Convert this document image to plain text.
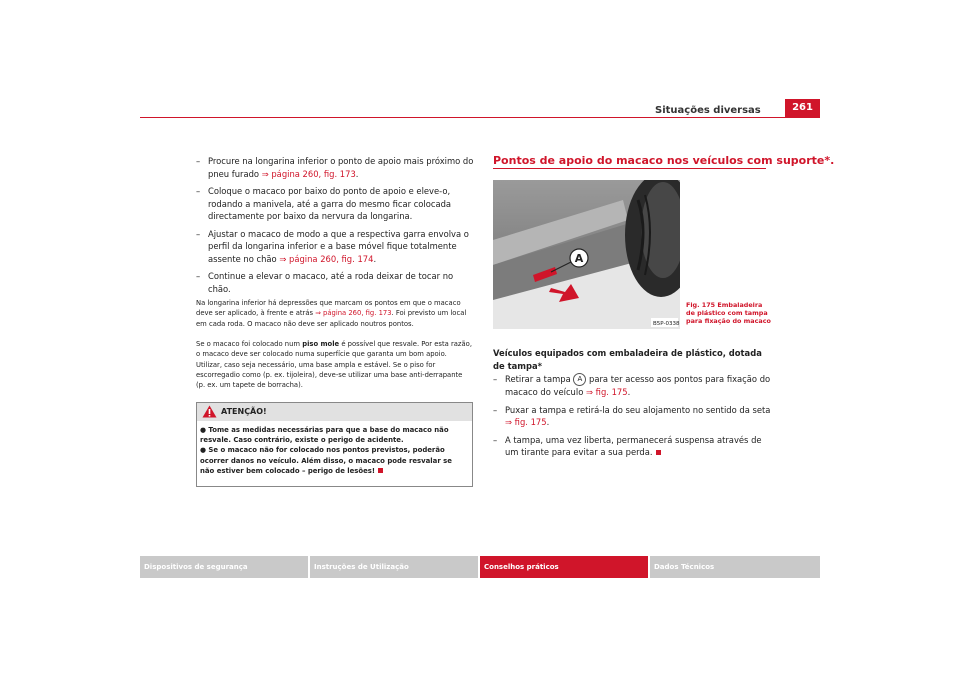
Situações diversas	261
– Procure na longarina inferior o ponto de apoio mais próximo do pneu furado ⇒ página 260, fig. 173.
– Coloque o macaco por baixo do ponto de apoio e eleve-o, rodando a manivela, até a garra do mesmo ficar colocada directamente por baixo da nervura da longarina.
– Ajustar o macaco de modo a que a respectiva garra envolva o perfil da longarina inferior e a base móvel fique totalmente assente no chão ⇒ página 260, fig. 174.
– Continue a elevar o macaco, até a roda deixar de tocar no chão.
Na longarina inferior há depressões que marcam os pontos em que o macaco deve ser aplicado, à frente e atrás ⇒ página 260, fig. 173. Foi previsto um local em cada roda. O macaco não deve ser aplicado noutros pontos.
Se o macaco foi colocado num piso mole é possível que resvale. Por esta razão, o macaco deve ser colocado numa superfície que garanta um bom apoio. Utilizar, caso seja necessário, uma base ampla e estável. Se o piso for escorregadio como (p. ex. tijoleira), deve-se utilizar uma base anti-derrapante (p. ex. um tapete de borracha).
ATENÇÃO!
● Tome as medidas necessárias para que a base do macaco não resvale. Caso contrário, existe o perigo de acidente.
● Se o macaco não for colocado nos pontos previstos, poderão ocorrer danos no veículo. Além disso, o macaco pode resvalar se não estiver bem colocado – perigo de lesões!
Pontos de apoio do macaco nos veículos com suporte*.
A
B5P-0338
Fig. 175 Embaladeira de plástico com tampa para fixação do macaco
Veículos equipados com embaladeira de plástico, dotada de tampa*
– Retirar a tampa A para ter acesso aos pontos para fixação do macaco do veículo ⇒ fig. 175.
– Puxar a tampa e retirá-la do seu alojamento no sentido da seta ⇒ fig. 175.
– A tampa, uma vez liberta, permanecerá suspensa através de um tirante para evitar a sua perda.
Dispositivos de segurança	Instruções de Utilização	Conselhos práticos	Dados Técnicos
